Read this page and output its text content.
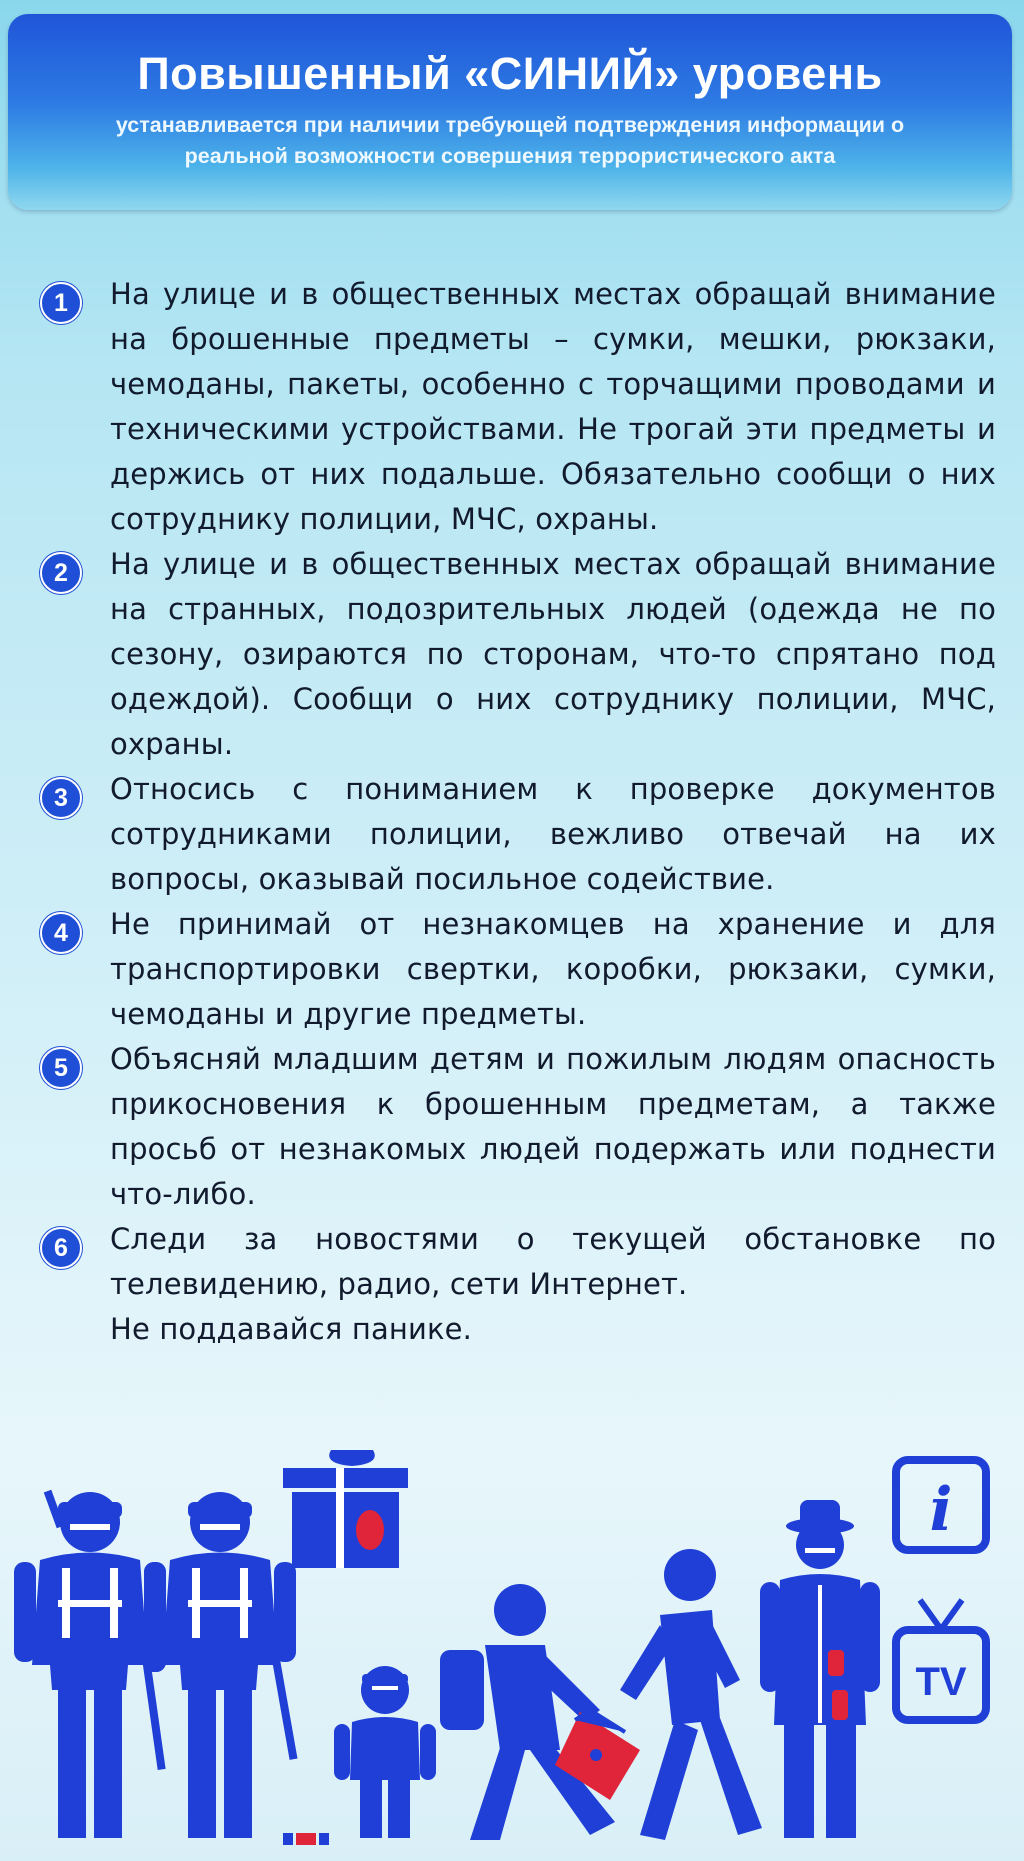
Повышенный «СИНИЙ» уровень
устанавливается при наличии требующей подтверждения информации о реальной возможности совершения террористического акта
1	На улице и в общественных местах обращай внимание на брошенные предметы – сумки, мешки, рюкзаки, чемоданы, пакеты, особенно с торчащими проводами и техническими устройствами. Не трогай эти предметы и держись от них подальше. Обязательно сообщи о них сотруднику полиции, МЧС, охраны.
2	На улице и в общественных местах обращай внимание на странных, подозрительных людей (одежда не по сезону, озираются по сторонам, что-то спрятано под одеждой). Сообщи о них сотруднику полиции, МЧС, охраны.
3	Относись с пониманием к проверке документов сотрудниками полиции, вежливо отвечай на их вопросы, оказывай посильное содействие.
4	Не принимай от незнакомцев на хранение и для транспортировки свертки, коробки, рюкзаки, сумки, чемоданы и другие предметы.
5	Объясняй младшим детям и пожилым людям опасность прикосновения к брошенным предметам, а также просьб от незнакомых людей подержать или поднести что-либо.
6	Следи за новостями о текущей обстановке по телевидению, радио, сети Интернет.
Не поддавайся панике.
i
TV
